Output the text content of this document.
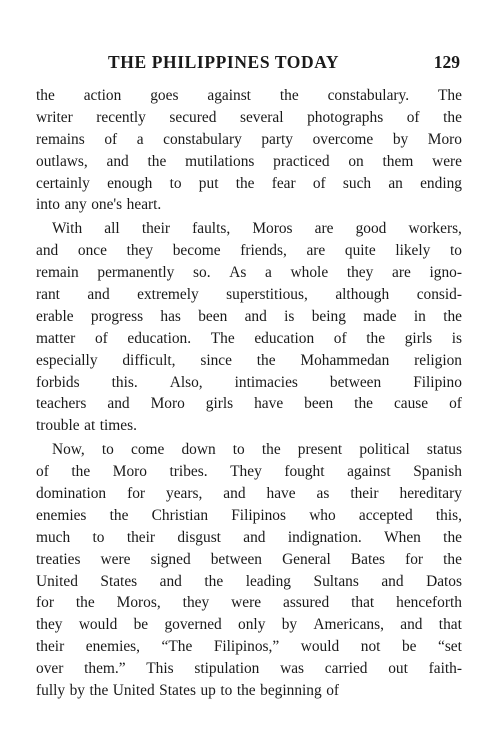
THE PHILIPPINES TODAY	129
the action goes against the constabulary. The
writer recently secured several photographs of the
remains of a constabulary party overcome by Moro
outlaws, and the mutilations practiced on them were
certainly enough to put the fear of such an ending
into any one's heart.
With all their faults, Moros are good workers,
and once they become friends, are quite likely to
remain permanently so. As a whole they are igno-
rant and extremely superstitious, although consid-
erable progress has been and is being made in the
matter of education. The education of the girls is
especially difficult, since the Mohammedan religion
forbids this. Also, intimacies between Filipino
teachers and Moro girls have been the cause of
trouble at times.
Now, to come down to the present political status
of the Moro tribes. They fought against Spanish
domination for years, and have as their hereditary
enemies the Christian Filipinos who accepted this,
much to their disgust and indignation. When the
treaties were signed between General Bates for the
United States and the leading Sultans and Datos
for the Moros, they were assured that henceforth
they would be governed only by Americans, and that
their enemies, “The Filipinos,” would not be “set
over them.” This stipulation was carried out faith-
fully by the United States up to the beginning of
